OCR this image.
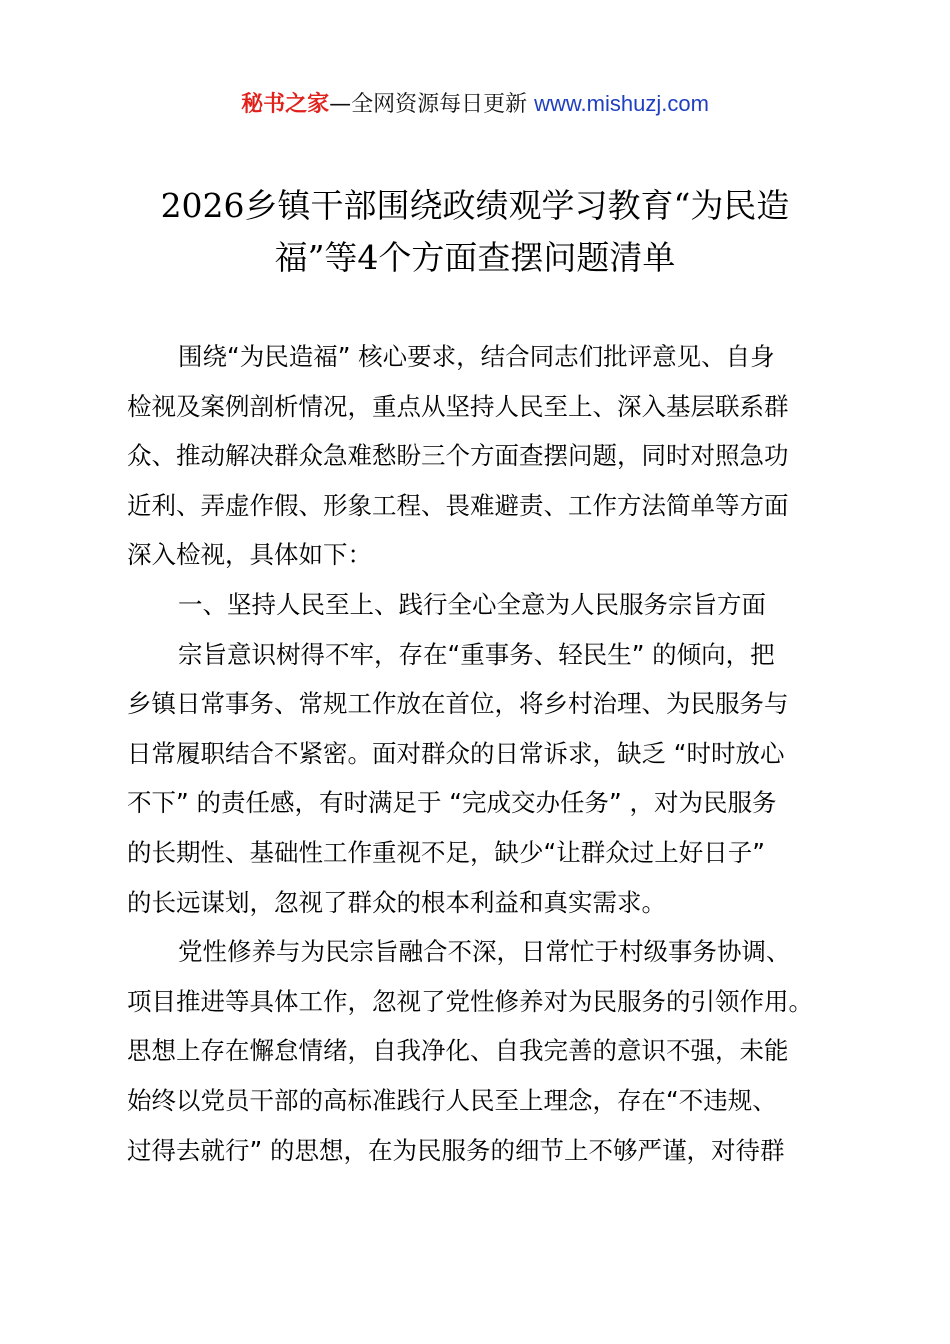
秘书之家—全网资源每日更新 www.mishuzj.com
2026乡镇干部围绕政绩观学习教育“为民造
福”等4个方面查摆问题清单
围绕“为民造福” 核心要求，结合同志们批评意见、自身
检视及案例剖析情况，重点从坚持人民至上、深入基层联系群
众、推动解决群众急难愁盼三个方面查摆问题，同时对照急功
近利、弄虚作假、形象工程、畏难避责、工作方法简单等方面
深入检视，具体如下：
一、坚持人民至上、践行全心全意为人民服务宗旨方面
宗旨意识树得不牢，存在“重事务、轻民生” 的倾向，把
乡镇日常事务、常规工作放在首位，将乡村治理、为民服务与
日常履职结合不紧密。面对群众的日常诉求，缺乏 “时时放心
不下” 的责任感，有时满足于 “完成交办任务” ，对为民服务
的长期性、基础性工作重视不足，缺少“让群众过上好日子”
的长远谋划，忽视了群众的根本利益和真实需求。
党性修养与为民宗旨融合不深，日常忙于村级事务协调、
项目推进等具体工作，忽视了党性修养对为民服务的引领作用。
思想上存在懈怠情绪，自我净化、自我完善的意识不强，未能
始终以党员干部的高标准践行人民至上理念，存在“不违规、
过得去就行” 的思想，在为民服务的细节上不够严谨，对待群
